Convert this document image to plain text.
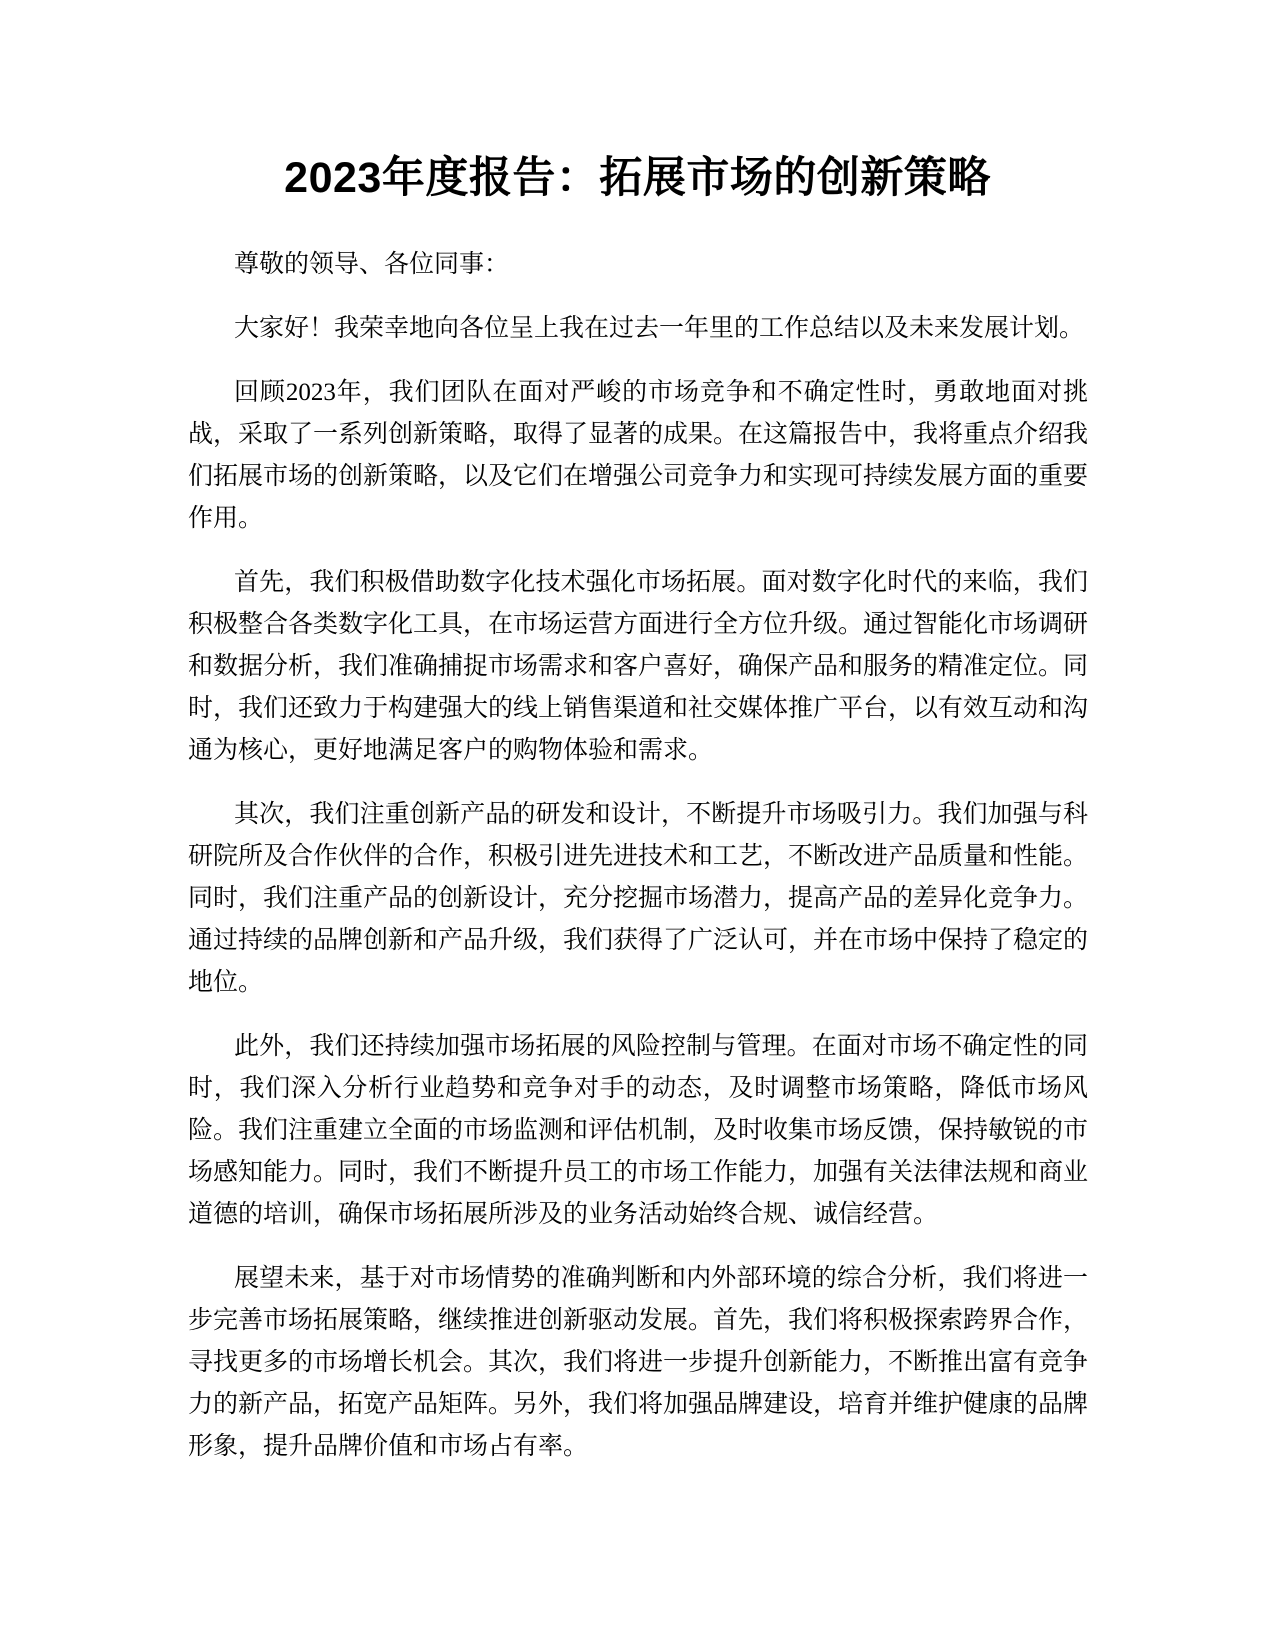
2023年度报告：拓展市场的创新策略

尊敬的领导、各位同事：

大家好！我荣幸地向各位呈上我在过去一年里的工作总结以及未来发展计划。

回顾2023年，我们团队在面对严峻的市场竞争和不确定性时，勇敢地面对挑战，采取了一系列创新策略，取得了显著的成果。在这篇报告中，我将重点介绍我们拓展市场的创新策略，以及它们在增强公司竞争力和实现可持续发展方面的重要作用。

首先，我们积极借助数字化技术强化市场拓展。面对数字化时代的来临，我们积极整合各类数字化工具，在市场运营方面进行全方位升级。通过智能化市场调研和数据分析，我们准确捕捉市场需求和客户喜好，确保产品和服务的精准定位。同时，我们还致力于构建强大的线上销售渠道和社交媒体推广平台，以有效互动和沟通为核心，更好地满足客户的购物体验和需求。

其次，我们注重创新产品的研发和设计，不断提升市场吸引力。我们加强与科研院所及合作伙伴的合作，积极引进先进技术和工艺，不断改进产品质量和性能。同时，我们注重产品的创新设计，充分挖掘市场潜力，提高产品的差异化竞争力。通过持续的品牌创新和产品升级，我们获得了广泛认可，并在市场中保持了稳定的地位。

此外，我们还持续加强市场拓展的风险控制与管理。在面对市场不确定性的同时，我们深入分析行业趋势和竞争对手的动态，及时调整市场策略，降低市场风险。我们注重建立全面的市场监测和评估机制，及时收集市场反馈，保持敏锐的市场感知能力。同时，我们不断提升员工的市场工作能力，加强有关法律法规和商业道德的培训，确保市场拓展所涉及的业务活动始终合规、诚信经营。

展望未来，基于对市场情势的准确判断和内外部环境的综合分析，我们将进一步完善市场拓展策略，继续推进创新驱动发展。首先，我们将积极探索跨界合作，寻找更多的市场增长机会。其次，我们将进一步提升创新能力，不断推出富有竞争力的新产品，拓宽产品矩阵。另外，我们将加强品牌建设，培育并维护健康的品牌形象，提升品牌价值和市场占有率。
